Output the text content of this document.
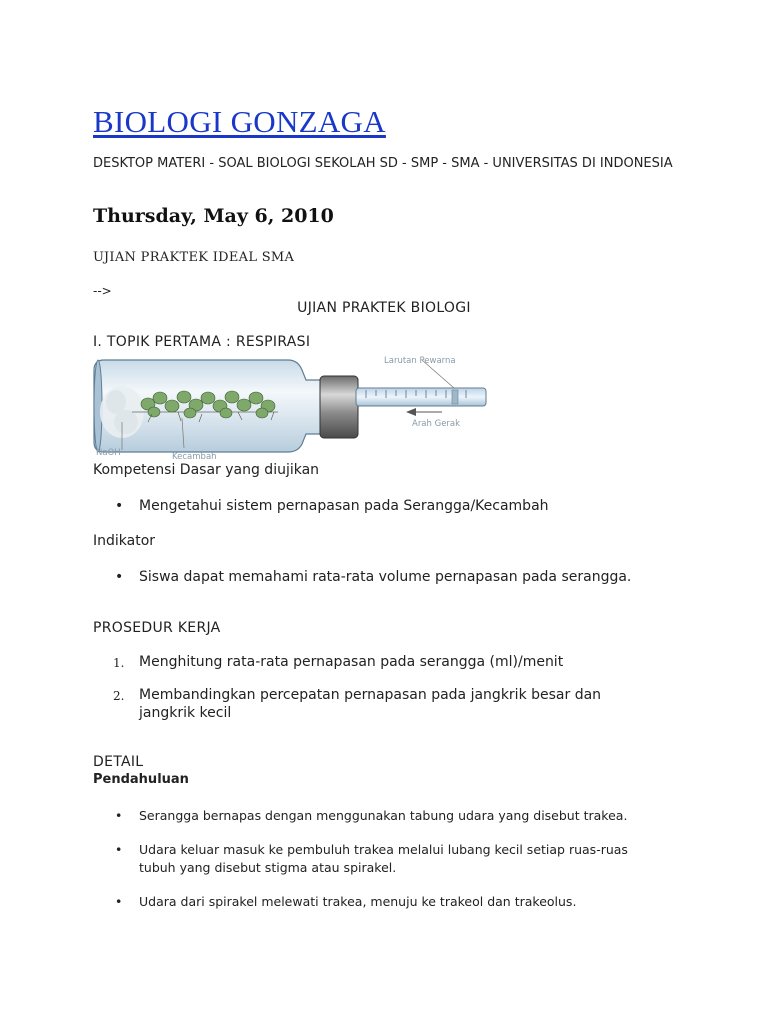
BIOLOGI GONZAGA
DESKTOP MATERI - SOAL BIOLOGI SEKOLAH SD - SMP - SMA - UNIVERSITAS DI INDONESIA
Thursday, May 6, 2010
UJIAN PRAKTEK IDEAL SMA
-->
UJIAN PRAKTEK BIOLOGI
I. TOPIK PERTAMA : RESPIRASI
Larutan Pewarna
Arah Gerak
NaOH	Kecambah
Kompetensi Dasar yang diujikan
• Mengetahui sistem pernapasan pada Serangga/Kecambah
Indikator
• Siswa dapat memahami rata-rata volume pernapasan pada serangga.
PROSEDUR KERJA
1. Menghitung rata-rata pernapasan pada serangga (ml)/menit
2. Membandingkan percepatan pernapasan pada jangkrik besar dan jangkrik kecil
DETAIL
Pendahuluan
• Serangga bernapas dengan menggunakan tabung udara yang disebut trakea.
• Udara keluar masuk ke pembuluh trakea melalui lubang kecil setiap ruas-ruas tubuh yang disebut stigma atau spirakel.
• Udara dari spirakel melewati trakea, menuju ke trakeol dan trakeolus.
